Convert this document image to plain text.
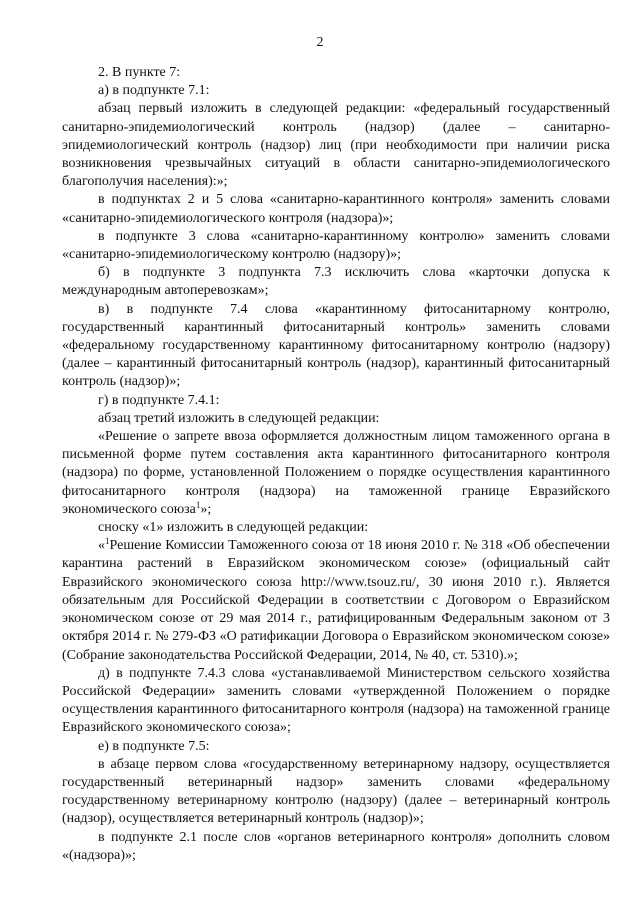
2

2. В пункте 7:

а) в подпункте 7.1:

абзац первый изложить в следующей редакции: «федеральный государственный санитарно-эпидемиологический контроль (надзор) (далее – санитарно-эпидемиологический контроль (надзор) лиц (при необходимости при наличии риска возникновения чрезвычайных ситуаций в области санитарно-эпидемиологического благополучия населения):»;

в подпунктах 2 и 5 слова «санитарно-карантинного контроля» заменить словами «санитарно-эпидемиологического контроля (надзора)»;

в подпункте 3 слова «санитарно-карантинному контролю» заменить словами «санитарно-эпидемиологическому контролю (надзору)»;

б) в подпункте 3 подпункта 7.3 исключить слова «карточки допуска к международным автоперевозкам»;

в) в подпункте 7.4 слова «карантинному фитосанитарному контролю, государственный карантинный фитосанитарный контроль» заменить словами «федеральному государственному карантинному фитосанитарному контролю (надзору) (далее – карантинный фитосанитарный контроль (надзор), карантинный фитосанитарный контроль (надзор)»;

г) в подпункте 7.4.1:

абзац третий изложить в следующей редакции:

«Решение о запрете ввоза оформляется должностным лицом таможенного органа в письменной форме путем составления акта карантинного фитосанитарного контроля (надзора) по форме, установленной Положением о порядке осуществления карантинного фитосанитарного контроля (надзора) на таможенной границе Евразийского экономического союза$^1$»;

сноску «1» изложить в следующей редакции:

«$^1$Решение Комиссии Таможенного союза от 18 июня 2010 г. № 318 «Об обеспечении карантина растений в Евразийском экономическом союзе» (официальный сайт Евразийского экономического союза http://www.tsouz.ru/, 30 июня 2010 г.). Является обязательным для Российской Федерации в соответствии с Договором о Евразийском экономическом союзе от 29 мая 2014 г., ратифицированным Федеральным законом от 3 октября 2014 г. № 279-ФЗ «О ратификации Договора о Евразийском экономическом союзе» (Собрание законодательства Российской Федерации, 2014, № 40, ст. 5310).»;

д) в подпункте 7.4.3 слова «устанавливаемой Министерством сельского хозяйства Российской Федерации» заменить словами «утвержденной Положением о порядке осуществления карантинного фитосанитарного контроля (надзора) на таможенной границе Евразийского экономического союза»;

е) в подпункте 7.5:

в абзаце первом слова «государственному ветеринарному надзору, осуществляется государственный ветеринарный надзор» заменить словами «федеральному государственному ветеринарному контролю (надзору) (далее – ветеринарный контроль (надзор), осуществляется ветеринарный контроль (надзор)»;

в подпункте 2.1 после слов «органов ветеринарного контроля» дополнить словом «(надзора)»;
